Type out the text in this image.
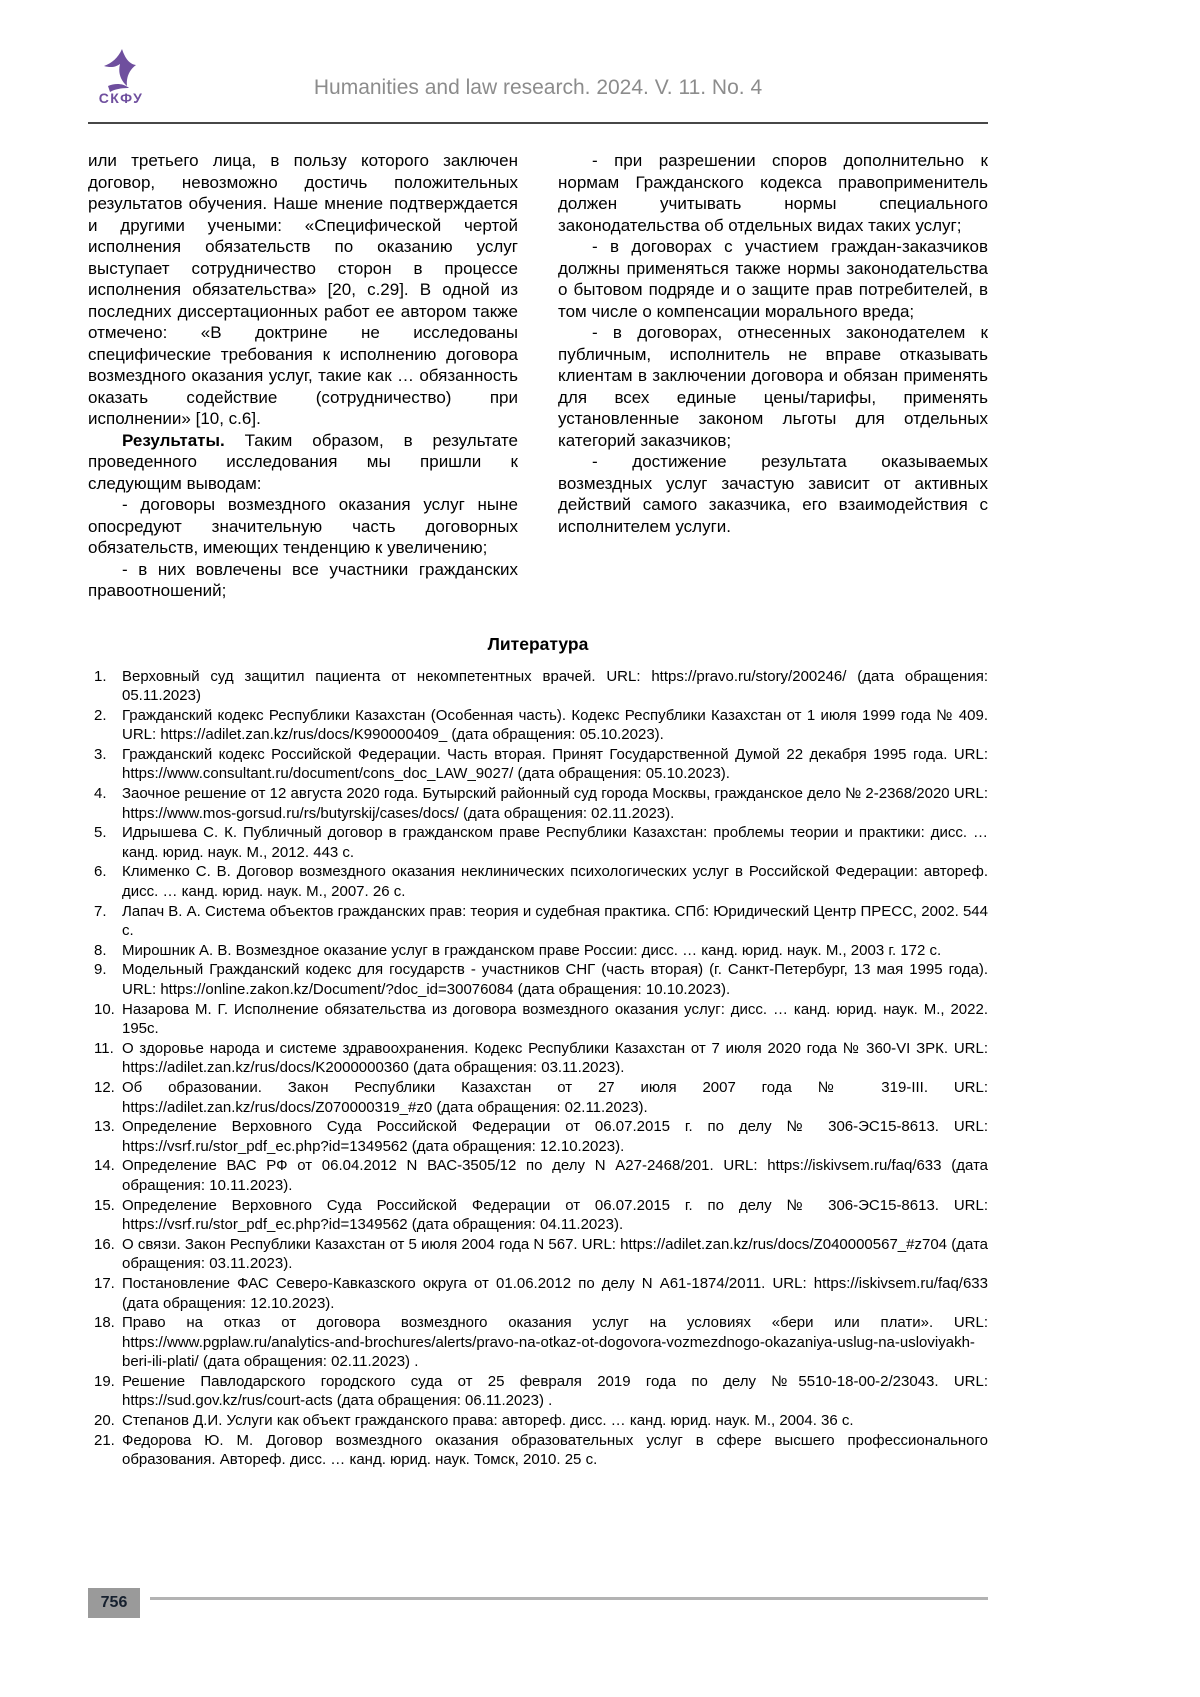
СКФУ	Humanities and law research. 2024. V. 11. No. 4

или третьего лица, в пользу которого заключен договор, невозможно достичь положительных результатов обучения. Наше мнение подтверждается и другими учеными: «Специфической чертой исполнения обязательств по оказанию услуг выступает сотрудничество сторон в процессе исполнения обязательства» [20, с.29]. В одной из последних диссертационных работ ее автором также отмечено: «В доктрине не исследованы специфические требования к исполнению договора возмездного оказания услуг, такие как … обязанность оказать содействие (сотрудничество) при исполнении» [10, с.6].

Результаты. Таким образом, в результате проведенного исследования мы пришли к следующим выводам:

- договоры возмездного оказания услуг ныне опосредуют значительную часть договорных обязательств, имеющих тенденцию к увеличению;

- в них вовлечены все участники гражданских правоотношений;

- при разрешении споров дополнительно к нормам Гражданского кодекса правоприменитель должен учитывать нормы специального законодательства об отдельных видах таких услуг;

- в договорах с участием граждан-заказчиков должны применяться также нормы законодательства о бытовом подряде и о защите прав потребителей, в том числе о компенсации морального вреда;

- в договорах, отнесенных законодателем к публичным, исполнитель не вправе отказывать клиентам в заключении договора и обязан применять для всех единые цены/тарифы, применять установленные законом льготы для отдельных категорий заказчиков;

- достижение результата оказываемых возмездных услуг зачастую зависит от активных действий самого заказчика, его взаимодействия с исполнителем услуги.

Литература
1.	Верховный суд защитил пациента от некомпетентных врачей. URL: https://pravo.ru/story/200246/ (дата обращения: 05.11.2023)
2.	Гражданский кодекс Республики Казахстан (Особенная часть). Кодекс Республики Казахстан от 1 июля 1999 года № 409. URL: https://adilet.zan.kz/rus/docs/K990000409_ (дата обращения: 05.10.2023).
3.	Гражданский кодекс Российской Федерации. Часть вторая. Принят Государственной Думой 22 декабря 1995 года. URL: https://www.consultant.ru/document/cons_doc_LAW_9027/ (дата обращения: 05.10.2023).
4.	Заочное решение от 12 августа 2020 года. Бутырский районный суд города Москвы, гражданское дело № 2-2368/2020 URL: https://www.mos-gorsud.ru/rs/butyrskij/cases/docs/ (дата обращения: 02.11.2023).
5.	Идрышева С. К. Публичный договор в гражданском праве Республики Казахстан: проблемы теории и практики: дисс. … канд. юрид. наук. М., 2012. 443 с.
6.	Клименко С. В. Договор возмездного оказания неклинических психологических услуг в Российской Федерации: автореф. дисс. … канд. юрид. наук. М., 2007. 26 с.
7.	Лапач В. А. Система объектов гражданских прав: теория и судебная практика. СПб: Юридический Центр ПРЕСС, 2002. 544 с.
8.	Мирошник А. В. Возмездное оказание услуг в гражданском праве России: дисс. … канд. юрид. наук. М., 2003 г. 172 с.
9.	Модельный Гражданский кодекс для государств - участников СНГ (часть вторая) (г. Санкт-Петербург, 13 мая 1995 года). URL: https://online.zakon.kz/Document/?doc_id=30076084 (дата обращения: 10.10.2023).
10. Назарова М. Г. Исполнение обязательства из договора возмездного оказания услуг: дисс. … канд. юрид. наук. М., 2022. 195с.
11. О здоровье народа и системе здравоохранения. Кодекс Республики Казахстан от 7 июля 2020 года № 360-VI ЗРК. URL: https://adilet.zan.kz/rus/docs/K2000000360 (дата обращения: 03.11.2023).
12. Об образовании. Закон Республики Казахстан от 27 июля 2007 года № 319-III. URL: https://adilet.zan.kz/rus/docs/Z070000319_#z0 (дата обращения: 02.11.2023).
13. Определение Верховного Суда Российской Федерации от 06.07.2015 г. по делу № 306-ЭС15-8613. URL: https://vsrf.ru/stor_pdf_ec.php?id=1349562 (дата обращения: 12.10.2023).
14. Определение ВАС РФ от 06.04.2012 N ВАС-3505/12 по делу N А27-2468/201. URL: https://iskivsem.ru/faq/633 (дата обращения: 10.11.2023).
15. Определение Верховного Суда Российской Федерации от 06.07.2015 г. по делу № 306-ЭС15-8613. URL: https://vsrf.ru/stor_pdf_ec.php?id=1349562 (дата обращения: 04.11.2023).
16. О связи. Закон Республики Казахстан от 5 июля 2004 года N 567. URL: https://adilet.zan.kz/rus/docs/Z040000567_#z704 (дата обращения: 03.11.2023).
17. Постановление ФАС Северо-Кавказского округа от 01.06.2012 по делу N А61-1874/2011. URL: https://iskivsem.ru/faq/633 (дата обращения: 12.10.2023).
18. Право на отказ от договора возмездного оказания услуг на условиях «бери или плати». URL: https://www.pgplaw.ru/analytics-and-brochures/alerts/pravo-na-otkaz-ot-dogovora-vozmezdnogo-okazaniya-uslug-na-usloviyakh-beri-ili-plati/ (дата обращения: 02.11.2023) .
19. Решение Павлодарского городского суда от 25 февраля 2019 года по делу №5510-18-00-2/23043. URL: https://sud.gov.kz/rus/court-acts (дата обращения: 06.11.2023) .
20. Степанов Д.И. Услуги как объект гражданского права: автореф. дисс. … канд. юрид. наук. М., 2004. 36 с.
21. Федорова Ю. М. Договор возмездного оказания образовательных услуг в сфере высшего профессионального образования. Автореф. дисс. … канд. юрид. наук. Томск, 2010. 25 с.
756
